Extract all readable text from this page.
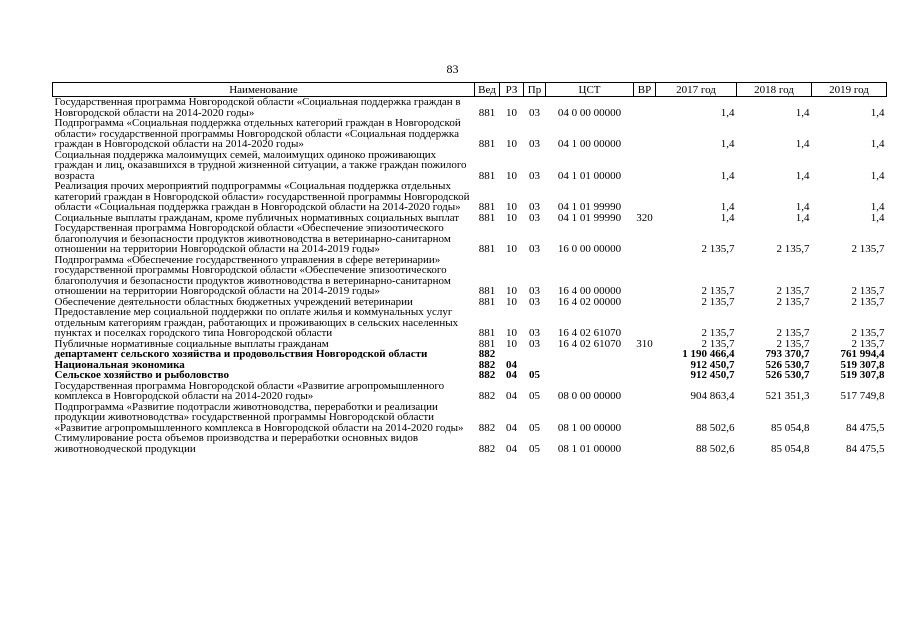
83
Наименование	Вед	РЗ	Пр	ЦСТ	ВР	2017 год	2018 год	2019 год
Государственная программа Новгородской области «Социальная поддержка граждан в Новгородской области на 2014-2020 годы»	881	10	03	04 0 00 00000		1,4	1,4	1,4
Подпрограмма «Социальная поддержка отдельных категорий граждан в Новгородской области» государственной программы Новгородской области «Социальная поддержка граждан в Новгородской области на 2014-2020 годы»	881	10	03	04 1 00 00000		1,4	1,4	1,4
Социальная поддержка малоимущих семей, малоимущих одиноко проживающих граждан и лиц, оказавшихся в трудной жизненной ситуации, а также граждан пожилого возраста	881	10	03	04 1 01 00000		1,4	1,4	1,4
Реализация прочих мероприятий подпрограммы «Социальная поддержка отдельных категорий граждан в Новгородской области» государственной программы Новгородской области «Социальная поддержка граждан в Новгородской области на 2014-2020 годы»	881	10	03	04 1 01 99990		1,4	1,4	1,4
Социальные выплаты гражданам, кроме публичных нормативных социальных выплат	881	10	03	04 1 01 99990	320	1,4	1,4	1,4
Государственная программа Новгородской области «Обеспечение эпизоотического благополучия и безопасности продуктов животноводства в ветеринарно-санитарном отношении на территории Новгородской области на 2014-2019 годы»	881	10	03	16 0 00 00000		2 135,7	2 135,7	2 135,7
Подпрограмма «Обеспечение государственного управления в сфере ветеринарии» государственной программы Новгородской области «Обеспечение эпизоотического благополучия и безопасности продуктов животноводства в ветеринарно-санитарном отношении на территории Новгородской области на 2014-2019 годы»	881	10	03	16 4 00 00000		2 135,7	2 135,7	2 135,7
Обеспечение деятельности областных бюджетных учреждений ветеринарии	881	10	03	16 4 02 00000		2 135,7	2 135,7	2 135,7
Предоставление мер социальной поддержки по оплате жилья и коммунальных услуг отдельным категориям граждан, работающих и проживающих в сельских населенных пунктах и поселках городского типа Новгородской области	881	10	03	16 4 02 61070		2 135,7	2 135,7	2 135,7
Публичные нормативные социальные выплаты гражданам	881	10	03	16 4 02 61070	310	2 135,7	2 135,7	2 135,7
департамент сельского хозяйства и продовольствия Новгородской области	882					1 190 466,4	793 370,7	761 994,4
Национальная экономика	882	04				912 450,7	526 530,7	519 307,8
Сельское хозяйство и рыболовство	882	04	05			912 450,7	526 530,7	519 307,8
Государственная программа Новгородской области «Развитие агропромышленного комплекса в Новгородской области на 2014-2020 годы»	882	04	05	08 0 00 00000		904 863,4	521 351,3	517 749,8
Подпрограмма «Развитие подотрасли животноводства, переработки и реализации продукции животноводства» государственной программы Новгородской области «Развитие агропромышленного комплекса в Новгородской области на 2014-2020 годы»	882	04	05	08 1 00 00000		88 502,6	85 054,8	84 475,5
Стимулирование роста объемов производства и переработки основных видов животноводческой продукции	882	04	05	08 1 01 00000		88 502,6	85 054,8	84 475,5
